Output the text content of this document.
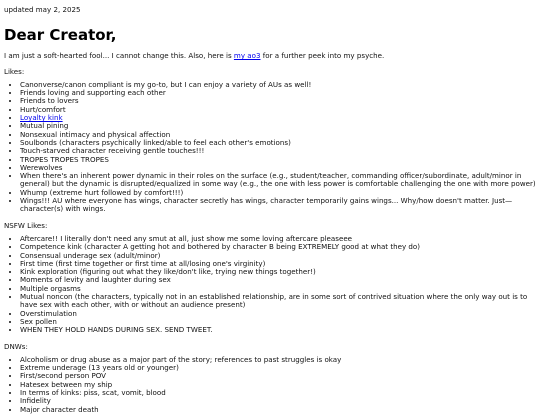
updated may 2, 2025

Dear Creator,

I am just a soft-hearted fool... I cannot change this. Also, here is my ao3 for a further peek into my psyche.

Likes:

• Canonverse/canon compliant is my go-to, but I can enjoy a variety of AUs as well!
• Friends loving and supporting each other
• Friends to lovers
• Hurt/comfort
• Loyalty kink
• Mutual pining
• Nonsexual intimacy and physical affection
• Soulbonds (characters psychically linked/able to feel each other's emotions)
• Touch-starved character receiving gentle touches!!!
• TROPES TROPES TROPES
• Werewolves
• When there's an inherent power dynamic in their roles on the surface (e.g., student/teacher, commanding officer/subordinate, adult/minor in general) but the dynamic is disrupted/equalized in some way (e.g., the one with less power is comfortable challenging the one with more power)
• Whump (extreme hurt followed by comfort!!!)
• Wings!!! AU where everyone has wings, character secretly has wings, character temporarily gains wings... Why/how doesn't matter. Just—character(s) with wings.

NSFW Likes:

• Aftercare!! I literally don't need any smut at all, just show me some loving aftercare pleaseee
• Competence kink (character A getting hot and bothered by character B being EXTREMELY good at what they do)
• Consensual underage sex (adult/minor)
• First time (first time together or first time at all/losing one's virginity)
• Kink exploration (figuring out what they like/don't like, trying new things together!)
• Moments of levity and laughter during sex
• Multiple orgasms
• Mutual noncon (the characters, typically not in an established relationship, are in some sort of contrived situation where the only way out is to have sex with each other, with or without an audience present)
• Overstimulation
• Sex pollen
• WHEN THEY HOLD HANDS DURING SEX. SEND TWEET.

DNWs:

• Alcoholism or drug abuse as a major part of the story; references to past struggles is okay
• Extreme underage (13 years old or younger)
• First/second person POV
• Hatesex between my ship
• In terms of kinks: piss, scat, vomit, blood
• Infidelity
• Major character death
